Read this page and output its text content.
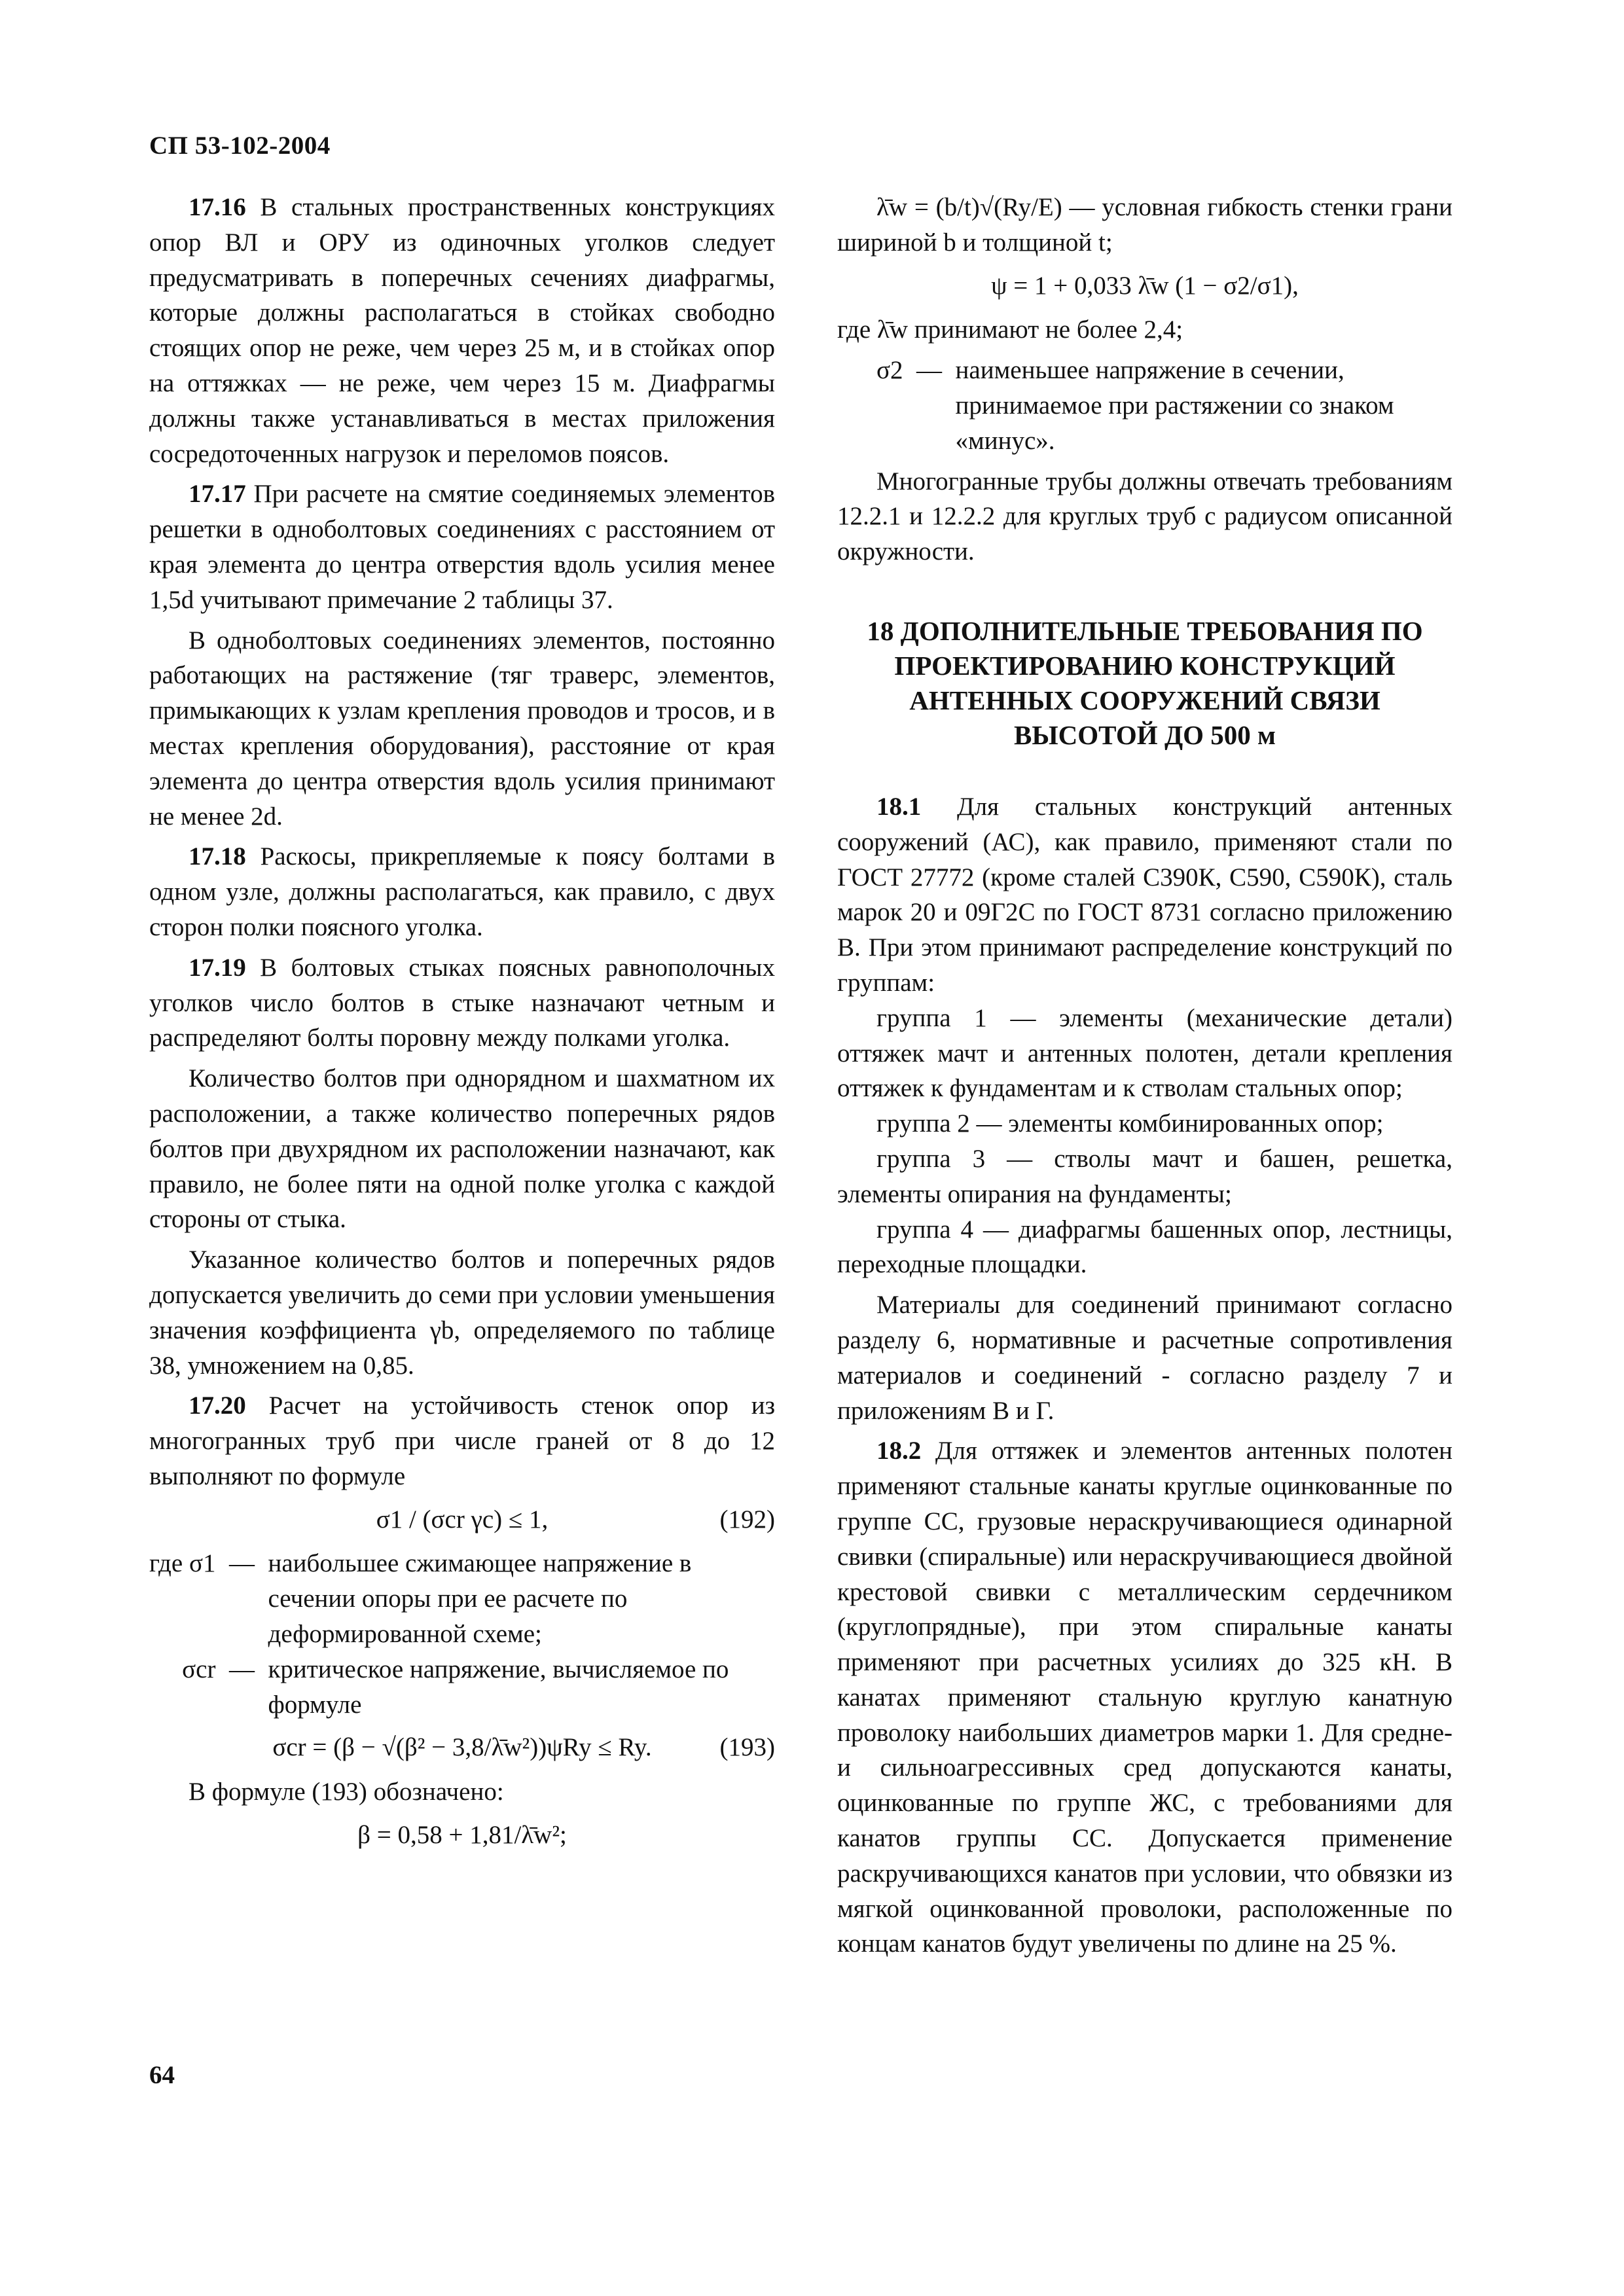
СП 53-102-2004

17.16 В стальных пространственных конструкциях опор ВЛ и ОРУ из одиночных уголков следует предусматривать в поперечных сечениях диафрагмы, которые должны располагаться в стойках свободно стоящих опор не реже, чем через 25 м, и в стойках опор на оттяжках — не реже, чем через 15 м. Диафрагмы должны также устанавливаться в местах приложения сосредоточенных нагрузок и переломов поясов.

17.17 При расчете на смятие соединяемых элементов решетки в одноболтовых соединениях с расстоянием от края элемента до центра отверстия вдоль усилия менее 1,5d учитывают примечание 2 таблицы 37.

В одноболтовых соединениях элементов, постоянно работающих на растяжение (тяг траверс, элементов, примыкающих к узлам крепления проводов и тросов, и в местах крепления оборудования), расстояние от края элемента до центра отверстия вдоль усилия принимают не менее 2d.

17.18 Раскосы, прикрепляемые к поясу болтами в одном узле, должны располагаться, как правило, с двух сторон полки поясного уголка.

17.19 В болтовых стыках поясных равнополочных уголков число болтов в стыке назначают четным и распределяют болты поровну между полками уголка.

Количество болтов при однорядном и шахматном их расположении, а также количество поперечных рядов болтов при двухрядном их расположении назначают, как правило, не более пяти на одной полке уголка с каждой стороны от стыка.

Указанное количество болтов и поперечных рядов допускается увеличить до семи при условии уменьшения значения коэффициента γb, определяемого по таблице 38, умножением на 0,85.

17.20 Расчет на устойчивость стенок опор из многогранных труб при числе граней от 8 до 12 выполняют по формуле

σ1 / (σcr γc) ≤ 1,	(192)
где σ1 — наибольшее сжимающее напряжение в сечении опоры при ее расчете по деформированной схеме;
σcr — критическое напряжение, вычисляемое по формуле
σcr = (β − √(β² − 3,8/λ̄w²))ψRy ≤ Ry.	(193)

В формуле (193) обозначено:

β = 0,58 + 1,81/λ̄w²;

λ̄w = (b/t)√(Ry/E) — условная гибкость стенки грани шириной b и толщиной t;

ψ = 1 + 0,033 λ̄w (1 − σ2/σ1),

где λ̄w принимают не более 2,4;

σ2 — наименьшее напряжение в сечении, принимаемое при растяжении со знаком «минус».

Многогранные трубы должны отвечать требованиям 12.2.1 и 12.2.2 для круглых труб с радиусом описанной окружности.

18 ДОПОЛНИТЕЛЬНЫЕ ТРЕБОВАНИЯ ПО ПРОЕКТИРОВАНИЮ КОНСТРУКЦИЙ АНТЕННЫХ СООРУЖЕНИЙ СВЯЗИ ВЫСОТОЙ ДО 500 м

18.1 Для стальных конструкций антенных сооружений (АС), как правило, применяют стали по ГОСТ 27772 (кроме сталей С390К, С590, С590К), сталь марок 20 и 09Г2С по ГОСТ 8731 согласно приложению В. При этом принимают распределение конструкций по группам:

группа 1 — элементы (механические детали) оттяжек мачт и антенных полотен, детали крепления оттяжек к фундаментам и к стволам стальных опор;

группа 2 — элементы комбинированных опор;

группа 3 — стволы мачт и башен, решетка, элементы опирания на фундаменты;

группа 4 — диафрагмы башенных опор, лестницы, переходные площадки.

Материалы для соединений принимают согласно разделу 6, нормативные и расчетные сопротивления материалов и соединений - согласно разделу 7 и приложениям В и Г.

18.2 Для оттяжек и элементов антенных полотен применяют стальные канаты круглые оцинкованные по группе СС, грузовые нераскручивающиеся одинарной свивки (спиральные) или нераскручивающиеся двойной крестовой свивки с металлическим сердечником (круглопрядные), при этом спиральные канаты применяют при расчетных усилиях до 325 кН. В канатах применяют стальную круглую канатную проволоку наибольших диаметров марки 1. Для средне- и сильноагрессивных сред допускаются канаты, оцинкованные по группе ЖС, с требованиями для канатов группы СС. Допускается применение раскручивающихся канатов при условии, что обвязки из мягкой оцинкованной проволоки, расположенные по концам канатов будут увеличены по длине на 25 %.

64
